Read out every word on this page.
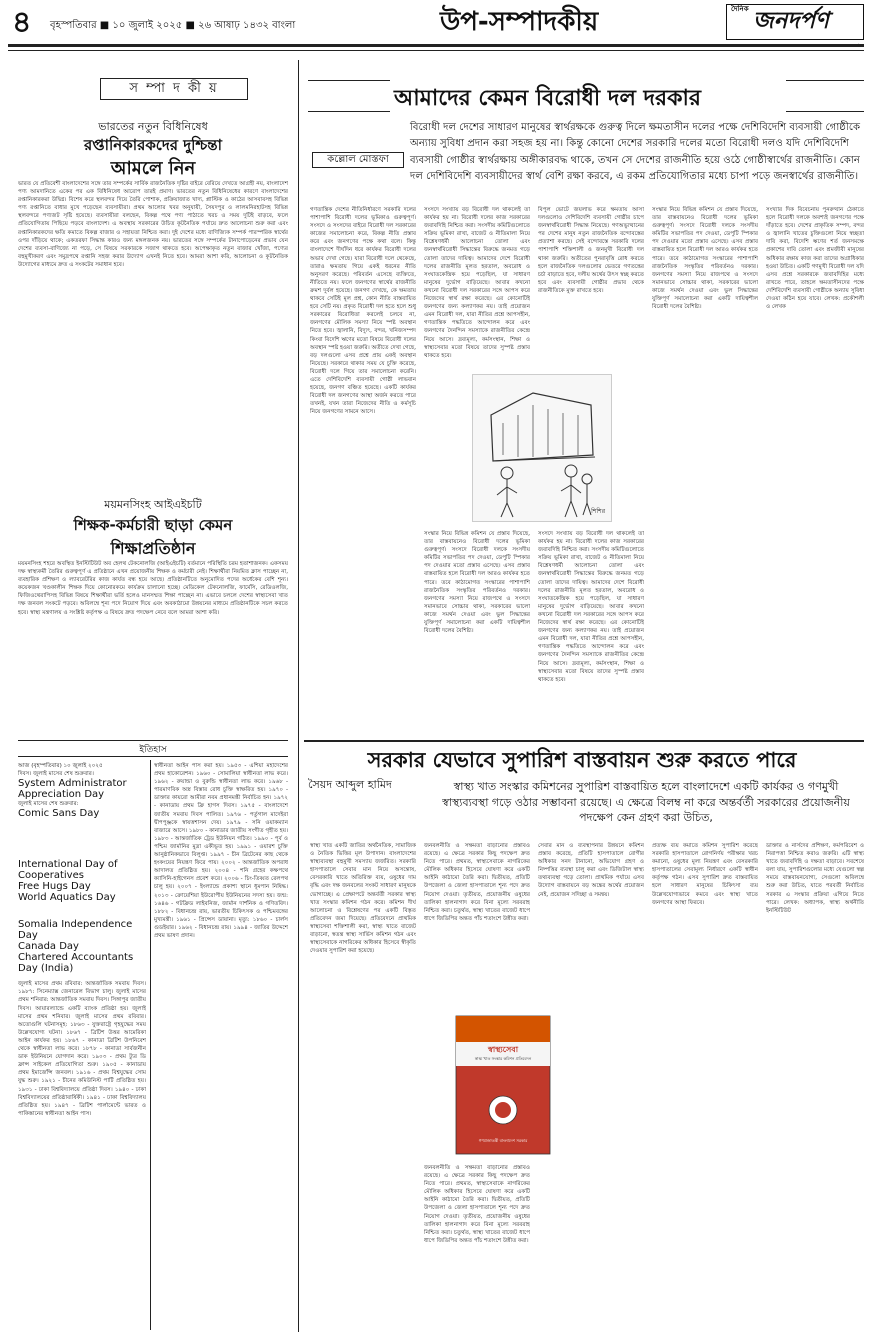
৪	বৃহস্পতিবার ■ ১০ জুলাই ২০২৫ ■ ২৬ আষাঢ় ১৪৩২ বাংলা	উপ-সম্পাদকীয়	দৈনিক জনদর্পণ
স ম্পা দ কী য়
ভারতের নতুন বিধিনিষেধ
রপ্তানিকারকদের দুশ্চিন্তা
আমলে নিন
ভারত যে প্রতিবেশী বাংলাদেশের সঙ্গে তার সম্পর্কের সার্বিক রাজনৈতিক দৃষ্টির বাইরে বেরিয়ে দেখতে আগ্রহী নয়, বাংলাদেশ পণ্য আমদানিতে একের পর এক বিধিনিষেধ আরোপ তারই প্রমাণ। ভারতের নতুন বিধিনিষেধের কারণে বাংলাদেশের রপ্তানিকারকরা উদ্বিগ্ন। বিশেষ করে স্থলবন্দর দিয়ে তৈরি পোশাক, প্রক্রিয়াজাত খাদ্য, প্লাস্টিক ও কাঠের আসবাবসহ বিভিন্ন পণ্য রপ্তানিতে বাধার মুখে পড়েছেন ব্যবসায়ীরা। প্রথম আলোর খবর অনুযায়ী, সৈয়দপুর ও লালমনিরহাটসহ বিভিন্ন স্থলবন্দরে পণ্যজট সৃষ্টি হয়েছে। ব্যবসায়ীরা বলছেন, বিকল্প পথে পণ্য পাঠাতে খরচ ও সময় দুটিই বাড়বে, ফলে প্রতিযোগিতায় পিছিয়ে পড়বে বাংলাদেশ। এ অবস্থায় সরকারের উচিত কূটনৈতিক পর্যায়ে দ্রুত আলোচনা শুরু করা এবং রপ্তানিকারকদের ক্ষতি কমাতে বিকল্প বাজার ও সহায়তা নিশ্চিত করা। দুই দেশের মধ্যে বাণিজ্যিক সম্পর্ক পারস্পরিক স্বার্থের ওপর দাঁড়িয়ে থাকে; একতরফা সিদ্ধান্ত কারও জন্য মঙ্গলজনক নয়। ভারতের সঙ্গে সম্পর্কের টানাপোড়েনের প্রভাব যেন দেশের ব্যবসা-বাণিজ্যে না পড়ে, সে বিষয়ে সরকারকে সজাগ থাকতে হবে। অপেক্ষাকৃত নতুন বাজার খোঁজা, পণ্যের বহুমুখীকরণ এবং সমুদ্রপথে রপ্তানি সহজ করার উদ্যোগ এখনই নিতে হবে। আমরা আশা করি, আলোচনা ও কূটনৈতিক উদ্যোগের মাধ্যমে দ্রুত এ সংকটের সমাধান হবে।
ময়মনসিংহ আইএইচটি
শিক্ষক-কর্মচারী ছাড়া কেমন
শিক্ষাপ্রতিষ্ঠান
ময়মনসিংহ শহরে অবস্থিত ইনস্টিটিউট অব হেলথ টেকনোলজি (আইএইচটি) বর্তমানে পরিস্থিতি চরম হতাশাজনক। একসময় দক্ষ স্বাস্থ্যকর্মী তৈরির গুরুত্বপূর্ণ এ প্রতিষ্ঠানে এখন প্রয়োজনীয় শিক্ষক ও কর্মচারী নেই। শিক্ষার্থীরা নিয়মিত ক্লাস পাচ্ছেন না, ব্যবহারিক প্রশিক্ষণ ও ল্যাবরেটরির কাজ কার্যত বন্ধ হয়ে আছে। প্রতিষ্ঠানটিতে অনুমোদিত পদের অর্ধেকের বেশি শূন্য। কয়েকজন খণ্ডকালীন শিক্ষক দিয়ে কোনোরকমে কার্যক্রম চালানো হচ্ছে। মেডিকেল টেকনোলজি, ফার্মেসি, রেডিওলজি, ফিজিওথেরাপিসহ বিভিন্ন বিষয়ে শিক্ষার্থীরা ভর্তি হলেও মানসম্মত শিক্ষা পাচ্ছেন না। এভাবে চললে দেশের স্বাস্থ্যসেবা খাত দক্ষ জনবল সংকটে পড়বে। অবিলম্বে শূন্য পদে নিয়োগ দিয়ে এবং অবকাঠামো উন্নয়নের মাধ্যমে প্রতিষ্ঠানটিকে সচল করতে হবে। স্বাস্থ্য মন্ত্রণালয় ও সংশ্লিষ্ট কর্তৃপক্ষ এ বিষয়ে দ্রুত পদক্ষেপ নেবে বলে আমরা আশা করি।
ইতিহাস
আজ (বৃহস্পতিবার) ১০ জুলাই ২০২৫
দিবস। জুলাই মাসের শেষ শুক্রবার।
System Administrator Appreciation Day
জুলাই মাসের শেষ শুক্রবার:
Comic Sans Day
International Day of Cooperatives
Free Hugs Day
World Aquatics Day
Somalia Independence Day
Canada Day
Chartered Accountants Day (India)
জুলাই মাসের প্রথম রবিবার: আন্তর্জাতিক সমবায় দিবস। ১৯৮৭: সিনেম্যাক্স জেনারেল বিভাগ চালু। জুলাই মাসের প্রথম শনিবার: আন্তর্জাতিক সমবায় দিবস। সিঙ্গাপুর জাতীয় দিবস। আয়ারল্যান্ডে একটি ব্যাংক প্রতিষ্ঠা হয়। জুলাই মাসের প্রথম শনিবার। জুলাই মাসের প্রথম রবিবার। অতোগুলি ঘটনাসমূহ: ১৮৬৩ - যুক্তরাষ্ট্রে গৃহযুদ্ধের সময় উল্লেখযোগ্য ঘটনা। ১৮৬৭ - ব্রিটিশ উত্তর আমেরিকা আইন কার্যকর হয়। ১৮৬৭ - কানাডা ব্রিটিশ উপনিবেশ থেকে স্বাধীনতা লাভ করে। ১৮৭৮ - কানাডা সার্বজনীন ডাক ইউনিয়নে যোগদান করে। ১৯০৩ - প্রথম ট্যুর ডি ফ্রান্স সাইকেল প্রতিযোগিতা শুরু। ১৯০৫ - কানাডায় প্রথম ইমার্জেন্সি জনবল। ১৯১৬ - প্রথম বিশ্বযুদ্ধের সোম যুদ্ধ শুরু। ১৯২১ - চীনের কমিউনিস্ট পার্টি প্রতিষ্ঠিত হয়। ১৯৩১ - ঢাকা বিশ্ববিদ্যালয়ে প্রতিষ্ঠা দিবস। ১৯৪০ - ঢাকা বিশ্ববিদ্যালয়ের প্রতিষ্ঠাবার্ষিকী। ১৯৪১ - ঢাকা বিশ্ববিদ্যালয় প্রতিষ্ঠিত হয়। ১৯৪৭ - ব্রিটিশ পার্লামেন্টে ভারত ও পাকিস্তানের স্বাধীনতা আইন পাস।
স্বাধীনতা আইন পাস করা হয়। ১৯৫৩ - এশিয়া মহাদেশের প্রথম হাকোরেশন। ১৯৬০ - সোমালিয়া স্বাধীনতা লাভ করে। ১৯৬২ - রুয়ান্ডা ও বুরুন্ডি স্বাধীনতা লাভ করে। ১৯৬৮ - পারমাণবিক অস্ত্র বিস্তার রোধ চুক্তি স্বাক্ষরিত হয়। ১৯৭০ - ডাক্তার কায়রো আমীরা নবম প্রধানমন্ত্রী নির্বাচিত হন। ১৯৭২ - কানাডায় প্রথম ফ্রি হাগস দিবস। ১৯৭৫ - বাংলাদেশে জাতীয় সমবায় দিবস পালিত। ১৯৭৬ - পর্তুগাল মাদেইরা দ্বীপপুঞ্জকে স্বায়ত্তশাসন দেয়। ১৯৭৯ - সনি ওয়াকম্যান বাজারে আসে। ১৯৮০ - কানাডার জাতীয় সংগীত গৃহীত হয়। ১৯৮৩ - আন্তর্জাতিক ট্রেড ইউনিয়ন গঠিত। ১৯৯০ - পূর্ব ও পশ্চিম জার্মানির মুদ্রা একীভূত হয়। ১৯৯১ - ওয়ারশ চুক্তি আনুষ্ঠানিকভাবে বিলুপ্ত। ১৯৯৭ - চীন ব্রিটেনের কাছ থেকে হংকংয়ের নিয়ন্ত্রণ ফিরে পায়। ২০০২ - আন্তর্জাতিক অপরাধ আদালত প্রতিষ্ঠিত হয়। ২০০৪ - শনি গ্রহের কক্ষপথে ক্যাসিনি-হাইগেনস প্রবেশ করে। ২০০৬ - চিং-তিব্বত রেলপথ চালু হয়। ২০০৭ - ইংল্যান্ডে প্রকাশ্য স্থানে ধূমপান নিষিদ্ধ। ২০১৩ - ক্রোয়েশিয়া ইউরোপীয় ইউনিয়নের সদস্য হয়। জন্ম: ১৬৪৬ - গটফ্রিড লাইবনিজ, জার্মান দার্শনিক ও গণিতবিদ। ১৮৮২ - বিধানচন্দ্র রায়, ভারতীয় চিকিৎসক ও পশ্চিমবঙ্গের মুখ্যমন্ত্রী। ১৯৬১ - প্রিন্সেস ডায়ানা। মৃত্যু: ১৮৬০ - চার্লস গুডইয়ার। ১৯৬২ - বিধানচন্দ্র রায়। ১৯৯৪ - জাতির উদ্দেশে প্রথম ভাষণ প্রদান।
আমাদের কেমন বিরোধী দল দরকার
বিরোধী দল দেশের সাধারণ মানুষের স্বার্থরক্ষকে গুরুত্ব দিলে ক্ষমতাসীন দলের পক্ষে দেশিবিদেশি ব্যবসায়ী গোষ্ঠীকে অন্যায় সুবিধা প্রদান করা সহজ হয় না। কিন্তু কোনো দেশের সরকারি দলের মতো বিরোধী দলও যদি দেশিবিদেশি ব্যবসায়ী গোষ্ঠীর স্বার্থরক্ষায় অঙ্গীকারবদ্ধ থাকে, তখন সে দেশের রাজনীতি হয়ে ওঠে গোষ্ঠীস্বার্থের রাজনীতি। কোন দল দেশিবিদেশি ব্যবসায়ীদের স্বার্থ বেশি রক্ষা করবে, এ রকম প্রতিযোগিতার মধ্যে চাপা পড়ে জনস্বার্থের রাজনীতি।
কল্লোল মোস্তফা
গণতান্ত্রিক দেশের নীতিনির্ধারণে সরকারি দলের পাশাপাশি বিরোধী দলের ভূমিকাও গুরুত্বপূর্ণ। সংসদে ও সংসদের বাইরে বিরোধী দল সরকারের কাজের সমালোচনা করে, বিকল্প নীতি প্রস্তাব করে এবং জনগণের পক্ষে কথা বলে। কিন্তু বাংলাদেশে দীর্ঘদিন ধরে কার্যকর বিরোধী দলের অভাব দেখা গেছে। যারা বিরোধী দলে থেকেছে, তারাও ক্ষমতায় গিয়ে একই ধরনের নীতি অনুসরণ করেছে। পরিবর্তন এসেছে ব্যক্তিতে, নীতিতে নয়। ফলে জনগণের স্বার্থের রাজনীতি ক্রমশ দুর্বল হয়েছে। জনগণ দেখছে, কে ক্ষমতায় থাকবে সেটিই মূল প্রশ্ন, কোন নীতি বাস্তবায়িত হবে সেটি নয়। প্রকৃত বিরোধী দল হতে হলে শুধু সরকারের বিরোধিতা করলেই চলবে না, জনগণের মৌলিক সমস্যা নিয়ে স্পষ্ট অবস্থান নিতে হবে। জ্বালানি, বিদ্যুৎ, বন্দর, খনিজসম্পদ কিংবা বিদেশি ঋণের মতো বিষয়ে বিরোধী দলের অবস্থান স্পষ্ট হওয়া জরুরি। অতীতে দেখা গেছে, বড় দলগুলো এসব প্রশ্নে প্রায় একই অবস্থান নিয়েছে। সরকারে থাকার সময় যে চুক্তি করেছে, বিরোধী দলে গিয়ে তার সমালোচনা করেনি। এতে দেশিবিদেশি ব্যবসায়ী গোষ্ঠী লাভবান হয়েছে, জনগণ বঞ্চিত হয়েছে। একটি কার্যকর বিরোধী দল জনগণের আস্থা অর্জন করতে পারে তখনই, যখন তারা নিজেদের নীতি ও কর্মসূচি নিয়ে জনগণের সামনে আসে।
সংসদে সংখ্যায় বড় বিরোধী দল থাকলেই তা কার্যকর হয় না। বিরোধী দলের কাজ সরকারের জবাবদিহি নিশ্চিত করা। সংসদীয় কমিটিগুলোতে সক্রিয় ভূমিকা রাখা, বাজেট ও নীতিমালা নিয়ে বিশ্লেষণধর্মী আলোচনা তোলা এবং জনস্বার্থবিরোধী সিদ্ধান্তের বিরুদ্ধে জনমত গড়ে তোলা তাদের দায়িত্ব। আমাদের দেশে বিরোধী দলের রাজনীতি মূলত হরতাল, অবরোধ ও সংঘাতকেন্দ্রিক হয়ে পড়েছিল, যা সাধারণ মানুষের দুর্ভোগ বাড়িয়েছে। আবার কখনো কখনো বিরোধী দল সরকারের সঙ্গে আপস করে নিজেদের স্বার্থ রক্ষা করেছে। এর কোনোটিই জনগণের জন্য কল্যাণকর নয়। তাই প্রয়োজন এমন বিরোধী দল, যারা নীতির প্রশ্নে আপসহীন, গণতান্ত্রিক পদ্ধতিতে আন্দোলন করে এবং জনগণের দৈনন্দিন সমস্যাকে রাজনীতির কেন্দ্রে নিয়ে আসে। দ্রব্যমূল্য, কর্মসংস্থান, শিক্ষা ও স্বাস্থ্যসেবার মতো বিষয়ে তাদের সুস্পষ্ট প্রস্তাব থাকতে হবে।
বিপুল ভোটে জয়লাভ করে ক্ষমতায় আসা দলগুলোও দেশিবিদেশি ব্যবসায়ী গোষ্ঠীর চাপে জনস্বার্থবিরোধী সিদ্ধান্ত নিয়েছে। গণঅভ্যুত্থানের পর দেশের মানুষ নতুন রাজনৈতিক বন্দোবস্তের প্রত্যাশা করছে। সেই বন্দোবস্তে সরকারি দলের পাশাপাশি শক্তিশালী ও জনমুখী বিরোধী দল থাকা জরুরি। অতীতের পুনরাবৃত্তি রোধ করতে হলে রাজনৈতিক দলগুলোর ভেতরে গণতন্ত্রের চর্চা বাড়াতে হবে, দলীয় অর্থের উৎস স্বচ্ছ করতে হবে এবং ব্যবসায়ী গোষ্ঠীর প্রভাব থেকে রাজনীতিকে মুক্ত রাখতে হবে।
সংস্কার নিয়ে বিভিন্ন কমিশন যে প্রস্তাব দিয়েছে, তার বাস্তবায়নেও বিরোধী দলের ভূমিকা গুরুত্বপূর্ণ। সংসদে বিরোধী দলকে সংসদীয় কমিটির সভাপতির পদ দেওয়া, ডেপুটি স্পিকার পদ দেওয়ার মতো প্রস্তাব এসেছে। এসব প্রস্তাব বাস্তবায়িত হলে বিরোধী দল আরও কার্যকর হতে পারে। তবে কাঠামোগত সংস্কারের পাশাপাশি রাজনৈতিক সংস্কৃতির পরিবর্তনও দরকার। জনগণের সমস্যা নিয়ে রাজপথে ও সংসদে সমানভাবে সোচ্চার থাকা, সরকারের ভালো কাজে সমর্থন দেওয়া এবং ভুল সিদ্ধান্তের যুক্তিপূর্ণ সমালোচনা করা একটি দায়িত্বশীল বিরোধী দলের বৈশিষ্ট্য।
সংসদে সংখ্যায় বড় বিরোধী দল থাকলেই তা কার্যকর হয় না। বিরোধী দলের কাজ সরকারের জবাবদিহি নিশ্চিত করা। সংসদীয় কমিটিগুলোতে সক্রিয় ভূমিকা রাখা, বাজেট ও নীতিমালা নিয়ে বিশ্লেষণধর্মী আলোচনা তোলা এবং জনস্বার্থবিরোধী সিদ্ধান্তের বিরুদ্ধে জনমত গড়ে তোলা তাদের দায়িত্ব। আমাদের দেশে বিরোধী দলের রাজনীতি মূলত হরতাল, অবরোধ ও সংঘাতকেন্দ্রিক হয়ে পড়েছিল, যা সাধারণ মানুষের দুর্ভোগ বাড়িয়েছে। আবার কখনো কখনো বিরোধী দল সরকারের সঙ্গে আপস করে নিজেদের স্বার্থ রক্ষা করেছে। এর কোনোটিই জনগণের জন্য কল্যাণকর নয়। তাই প্রয়োজন এমন বিরোধী দল, যারা নীতির প্রশ্নে আপসহীন, গণতান্ত্রিক পদ্ধতিতে আন্দোলন করে এবং জনগণের দৈনন্দিন সমস্যাকে রাজনীতির কেন্দ্রে নিয়ে আসে। দ্রব্যমূল্য, কর্মসংস্থান, শিক্ষা ও স্বাস্থ্যসেবার মতো বিষয়ে তাদের সুস্পষ্ট প্রস্তাব থাকতে হবে।
সংস্কার নিয়ে বিভিন্ন কমিশন যে প্রস্তাব দিয়েছে, তার বাস্তবায়নেও বিরোধী দলের ভূমিকা গুরুত্বপূর্ণ। সংসদে বিরোধী দলকে সংসদীয় কমিটির সভাপতির পদ দেওয়া, ডেপুটি স্পিকার পদ দেওয়ার মতো প্রস্তাব এসেছে। এসব প্রস্তাব বাস্তবায়িত হলে বিরোধী দল আরও কার্যকর হতে পারে। তবে কাঠামোগত সংস্কারের পাশাপাশি রাজনৈতিক সংস্কৃতির পরিবর্তনও দরকার। জনগণের সমস্যা নিয়ে রাজপথে ও সংসদে সমানভাবে সোচ্চার থাকা, সরকারের ভালো কাজে সমর্থন দেওয়া এবং ভুল সিদ্ধান্তের যুক্তিপূর্ণ সমালোচনা করা একটি দায়িত্বশীল বিরোধী দলের বৈশিষ্ট্য।
সংখ্যার দিক বিবেচনায় পুনরুত্থান ঠেকাতে হলে বিরোধী দলকে অবশ্যই জনগণের পক্ষে দাঁড়াতে হবে। দেশের প্রাকৃতিক সম্পদ, বন্দর ও জ্বালানি খাতের চুক্তিগুলো নিয়ে স্বচ্ছতা দাবি করা, বিদেশি ঋণের শর্ত জনসমক্ষে প্রকাশের দাবি তোলা এবং শ্রমজীবী মানুষের অধিকার রক্ষায় কাজ করা তাদের অগ্রাধিকার হওয়া উচিত। একটি গণমুখী বিরোধী দল যদি এসব প্রশ্নে সরকারকে জবাবদিহির মধ্যে রাখতে পারে, তাহলে ক্ষমতাসীনদের পক্ষে দেশিবিদেশি ব্যবসায়ী গোষ্ঠীকে অন্যায় সুবিধা দেওয়া কঠিন হয়ে যাবে। লেখক: প্রকৌশলী ও লেখক
শিশির
সরকার যেভাবে সুপারিশ বাস্তবায়ন শুরু করতে পারে
সৈয়দ আব্দুল হামিদ	স্বাস্থ্য খাত সংস্কার কমিশনের সুপারিশ বাস্তবায়িত হলে বাংলাদেশে একটি কার্যকর ও গণমুখী স্বাস্থ্যব্যবস্থা গড়ে ওঠার সম্ভাবনা রয়েছে। এ ক্ষেত্রে বিলম্ব না করে অন্তর্বর্তী সরকারের প্রয়োজনীয় পদক্ষেপ কেন গ্রহণ করা উচিত,
স্বাস্থ্য খাত একটি জাতির অর্থনৈতিক, সামাজিক ও নৈতিক ভিত্তির মূল উপাদান। বাংলাদেশের স্বাস্থ্যব্যবস্থা বহুমুখী সমস্যায় জর্জরিত। সরকারি হাসপাতালে সেবার মান নিয়ে অসন্তোষ, বেসরকারি খাতে অতিরিক্ত ব্যয়, ওষুধের দাম বৃদ্ধি এবং দক্ষ জনবলের সংকট সাধারণ মানুষকে ভোগাচ্ছে। এ প্রেক্ষাপটে অন্তর্বর্তী সরকার স্বাস্থ্য খাত সংস্কার কমিশন গঠন করে। কমিশন দীর্ঘ আলোচনা ও বিশ্লেষণের পর একটি বিস্তৃত প্রতিবেদন জমা দিয়েছে। প্রতিবেদনে প্রাথমিক স্বাস্থ্যসেবা শক্তিশালী করা, স্বাস্থ্য খাতে বাজেট বাড়ানো, স্বতন্ত্র স্বাস্থ্য সার্ভিস কমিশন গঠন এবং স্বাস্থ্যসেবাকে নাগরিকের অধিকার হিসেবে স্বীকৃতি দেওয়ার সুপারিশ করা হয়েছে।
জনবলনীতি ও সক্ষমতা বাড়ানোর প্রস্তাবও রয়েছে। এ ক্ষেত্রে সরকার কিছু পদক্ষেপ দ্রুত নিতে পারে। প্রথমত, স্বাস্থ্যসেবাকে নাগরিকের মৌলিক অধিকার হিসেবে ঘোষণা করে একটি আইনি কাঠামো তৈরি করা। দ্বিতীয়ত, প্রতিটি উপজেলা ও জেলা হাসপাতালে শূন্য পদে দ্রুত নিয়োগ দেওয়া। তৃতীয়ত, প্রয়োজনীয় ওষুধের তালিকা হালনাগাদ করে বিনা মূল্যে সরবরাহ নিশ্চিত করা। চতুর্থত, স্বাস্থ্য খাতের বাজেট ধাপে ধাপে জিডিপির অন্তত পাঁচ শতাংশে উন্নীত করা।
সেবার মান ও ব্যবস্থাপনার উন্নয়নে কমিশন প্রস্তাব করেছে, প্রতিটি হাসপাতালে রোগীর অধিকার সনদ টানানো, অভিযোগ গ্রহণ ও নিষ্পত্তির ব্যবস্থা চালু করা এবং ডিজিটাল স্বাস্থ্য তথ্যব্যবস্থা গড়ে তোলা। প্রাথমিক পর্যায়ে এসব উদ্যোগ বাস্তবায়নে বড় অঙ্কের অর্থের প্রয়োজন নেই, প্রয়োজন সদিচ্ছা ও সমন্বয়।
প্রত্যক্ষ ব্যয় কমাতে কমিশন সুপারিশ করেছে সরকারি হাসপাতালে রোগনির্ণয় পরীক্ষার খরচ কমানো, ওষুধের মূল্য নিয়ন্ত্রণ এবং বেসরকারি হাসপাতালের সেবামূল্য নির্ধারণে একটি স্বাধীন কর্তৃপক্ষ গঠন। এসব সুপারিশ দ্রুত বাস্তবায়িত হলে সাধারণ মানুষের চিকিৎসা ব্যয় উল্লেখযোগ্যভাবে কমবে এবং স্বাস্থ্য খাতে জনগণের আস্থা ফিরবে।
ডাক্তার ও নার্সদের প্রশিক্ষণ, কর্মপরিবেশ ও নিরাপত্তা নিশ্চিত করাও জরুরি। এটি স্বাস্থ্য খাতে জবাবদিহি ও দক্ষতা বাড়াবে। সবশেষে বলা যায়, সুপারিশগুলোর মধ্যে যেগুলো স্বল্প সময়ে বাস্তবায়নযোগ্য, সেগুলো অবিলম্বে শুরু করা উচিত, যাতে পরবর্তী নির্বাচিত সরকার এ সংস্কার প্রক্রিয়া এগিয়ে নিতে পারে। লেখক: অধ্যাপক, স্বাস্থ্য অর্থনীতি ইনস্টিটিউট
জনবলনীতি ও সক্ষমতা বাড়ানোর প্রস্তাবও রয়েছে। এ ক্ষেত্রে সরকার কিছু পদক্ষেপ দ্রুত নিতে পারে। প্রথমত, স্বাস্থ্যসেবাকে নাগরিকের মৌলিক অধিকার হিসেবে ঘোষণা করে একটি আইনি কাঠামো তৈরি করা। দ্বিতীয়ত, প্রতিটি উপজেলা ও জেলা হাসপাতালে শূন্য পদে দ্রুত নিয়োগ দেওয়া। তৃতীয়ত, প্রয়োজনীয় ওষুধের তালিকা হালনাগাদ করে বিনা মূল্যে সরবরাহ নিশ্চিত করা। চতুর্থত, স্বাস্থ্য খাতের বাজেট ধাপে ধাপে জিডিপির অন্তত পাঁচ শতাংশে উন্নীত করা।
স্বাস্থ্যসেবা
স্বাস্থ্য খাত সংস্কার কমিশন প্রতিবেদন
গণপ্রজাতন্ত্রী বাংলাদেশ সরকার
